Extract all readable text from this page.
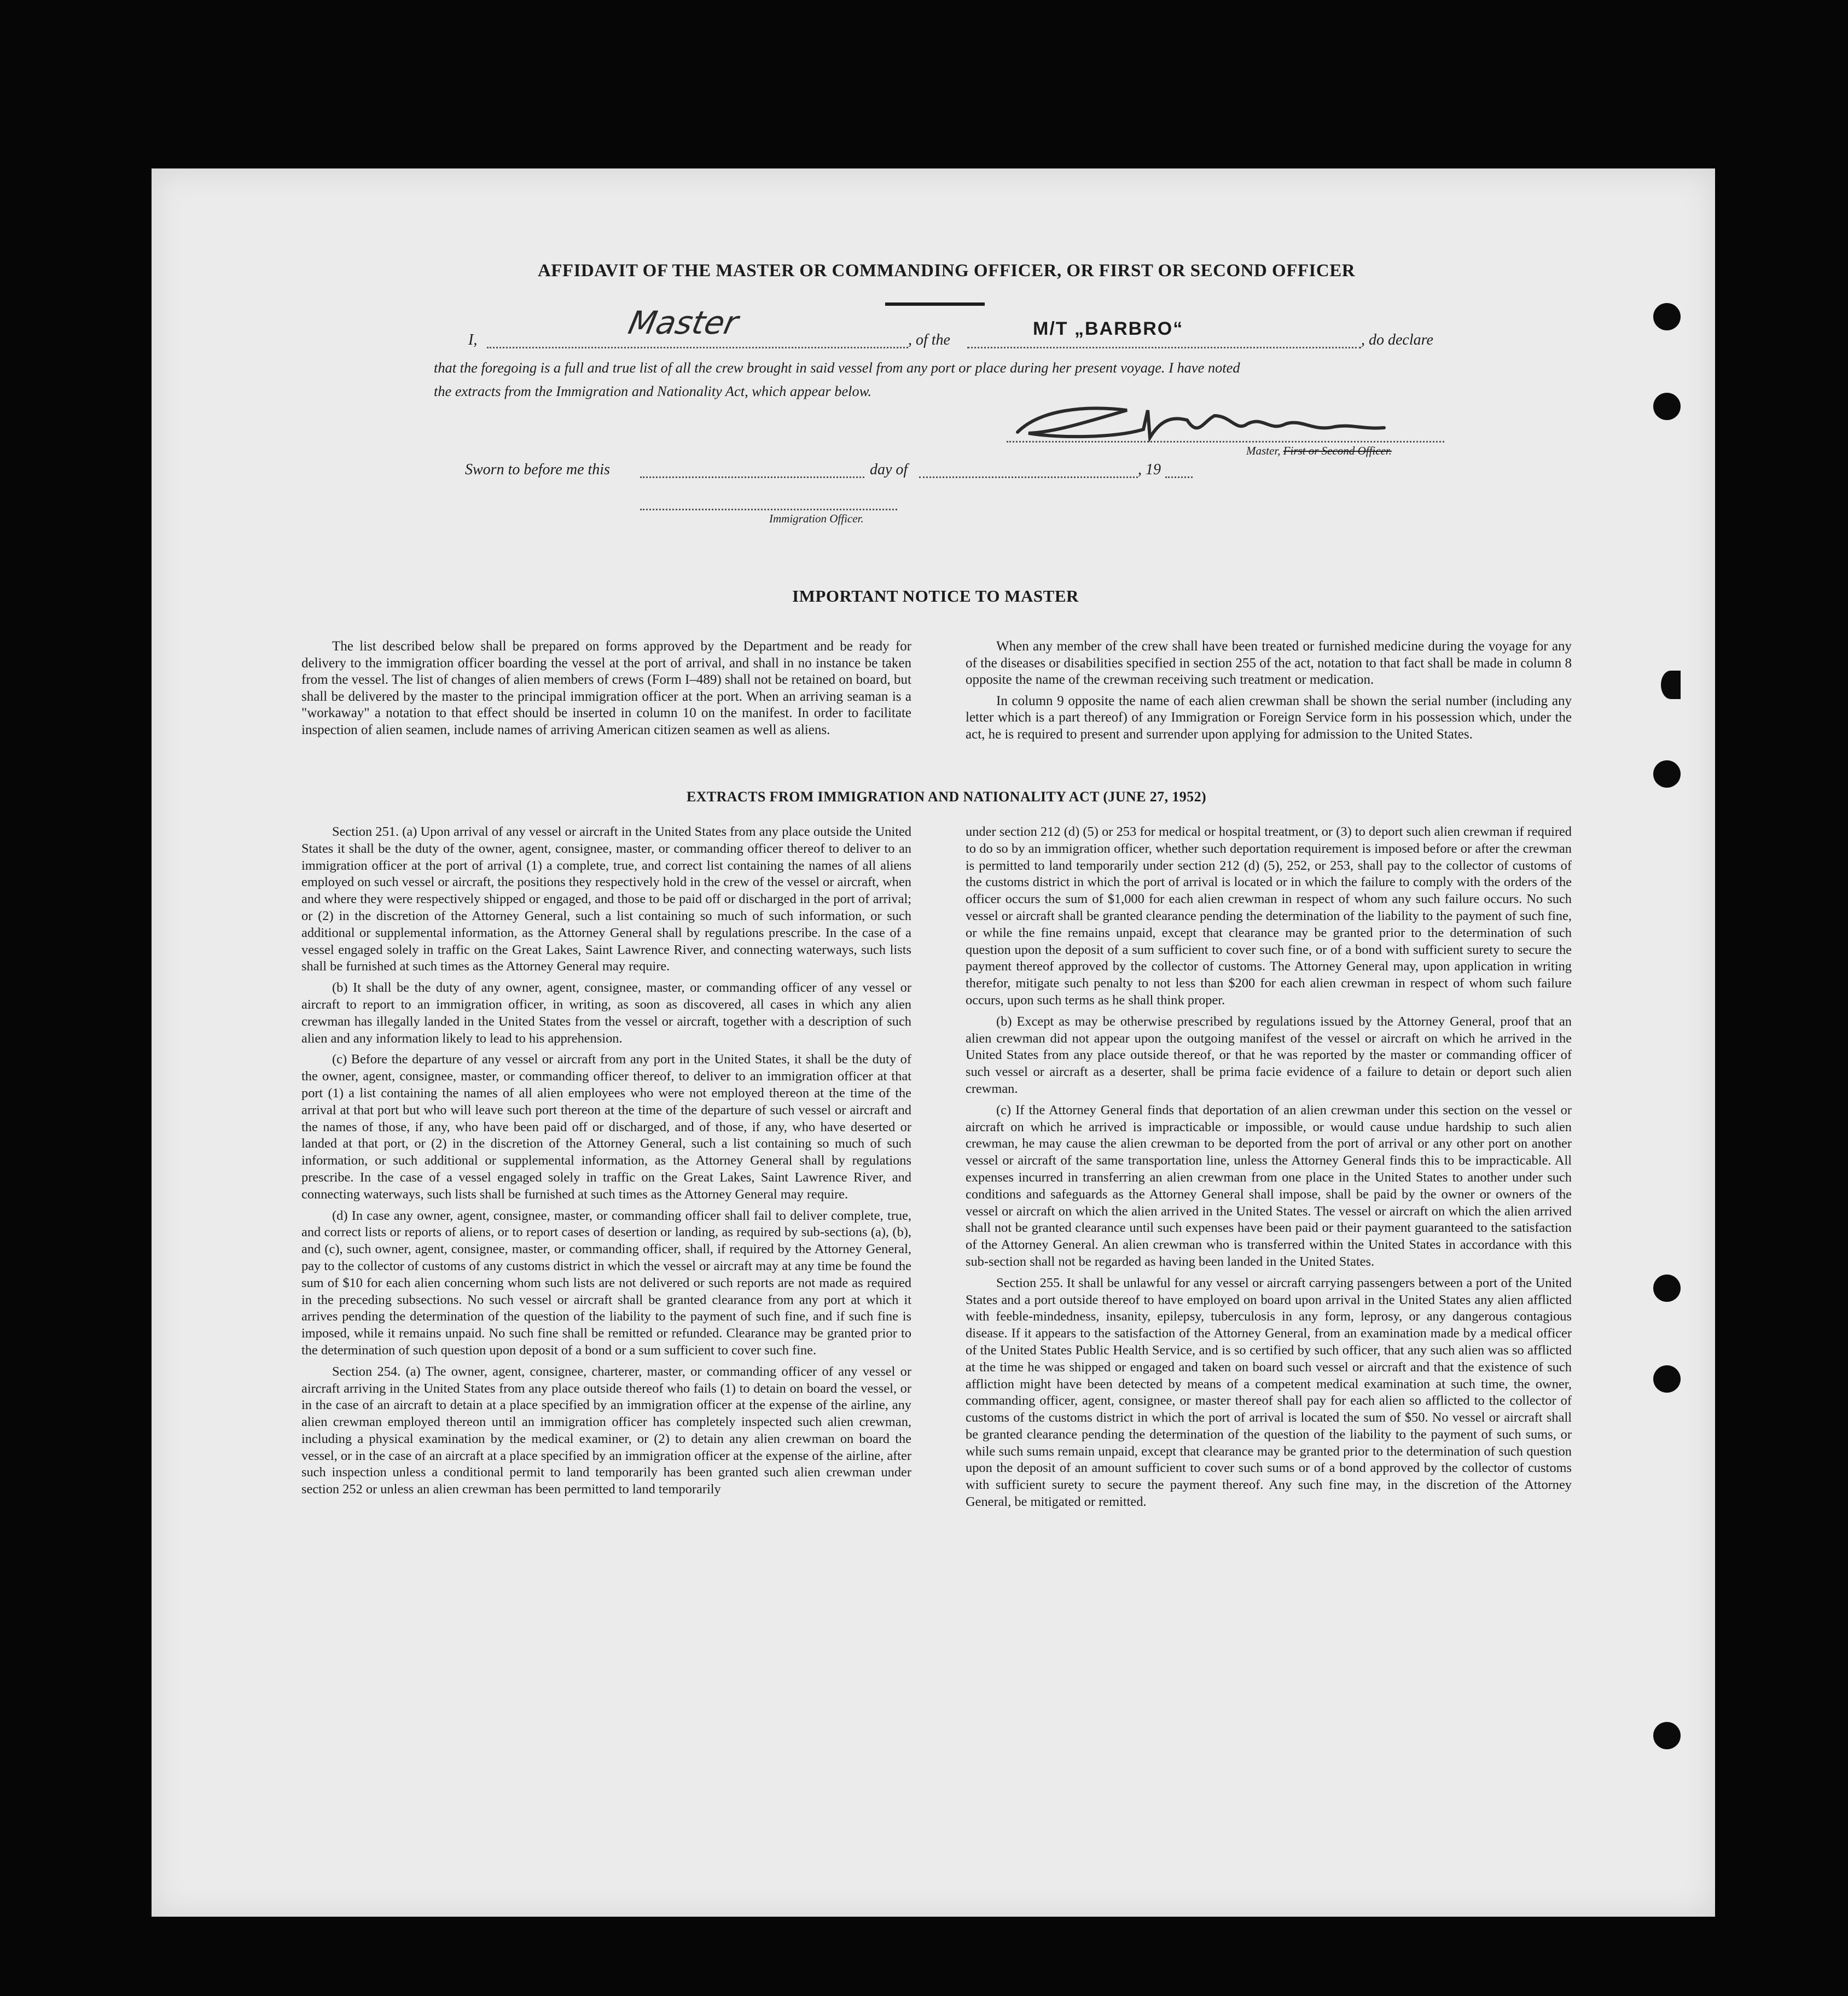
AFFIDAVIT OF THE MASTER OR COMMANDING OFFICER, OR FIRST OR SECOND OFFICER
I,	Master	, of the
M/T „BARBRO“
, do declare
that the foregoing is a full and true list of all the crew brought in said vessel from any port or place during her present voyage. I have noted
the extracts from the Immigration and Nationality Act, which appear below.
Master, First or Second Officer.
Sworn to before me this	day of	, 19
Immigration Officer.
IMPORTANT NOTICE TO MASTER

The list described below shall be prepared on forms approved by the Department and be ready for delivery to the immigration officer boarding the vessel at the port of arrival, and shall in no instance be taken from the vessel. The list of changes of alien members of crews (Form I–489) shall not be retained on board, but shall be delivered by the master to the principal immigration officer at the port. When an arriving seaman is a "workaway" a notation to that effect should be inserted in column 10 on the manifest. In order to facilitate inspection of alien seamen, include names of arriving American citizen seamen as well as aliens.

When any member of the crew shall have been treated or furnished medicine during the voyage for any of the diseases or disabilities specified in section 255 of the act, notation to that fact shall be made in column 8 opposite the name of the crewman receiving such treatment or medication.

In column 9 opposite the name of each alien crewman shall be shown the serial number (including any letter which is a part thereof) of any Immigration or Foreign Service form in his possession which, under the act, he is required to present and surrender upon applying for admission to the United States.

EXTRACTS FROM IMMIGRATION AND NATIONALITY ACT (JUNE 27, 1952)

Section 251. (a) Upon arrival of any vessel or aircraft in the United States from any place outside the United States it shall be the duty of the owner, agent, consignee, master, or commanding officer thereof to deliver to an immigration officer at the port of arrival (1) a complete, true, and correct list containing the names of all aliens employed on such vessel or aircraft, the positions they respectively hold in the crew of the vessel or aircraft, when and where they were respectively shipped or engaged, and those to be paid off or discharged in the port of arrival; or (2) in the discretion of the Attorney General, such a list containing so much of such information, or such additional or supplemental information, as the Attorney General shall by regulations prescribe. In the case of a vessel engaged solely in traffic on the Great Lakes, Saint Lawrence River, and connecting waterways, such lists shall be furnished at such times as the Attorney General may require.

(b) It shall be the duty of any owner, agent, consignee, master, or commanding officer of any vessel or aircraft to report to an immigration officer, in writing, as soon as discovered, all cases in which any alien crewman has illegally landed in the United States from the vessel or aircraft, together with a description of such alien and any information likely to lead to his apprehension.

(c) Before the departure of any vessel or aircraft from any port in the United States, it shall be the duty of the owner, agent, consignee, master, or commanding officer thereof, to deliver to an immigration officer at that port (1) a list containing the names of all alien employees who were not employed thereon at the time of the arrival at that port but who will leave such port thereon at the time of the departure of such vessel or aircraft and the names of those, if any, who have been paid off or discharged, and of those, if any, who have deserted or landed at that port, or (2) in the discretion of the Attorney General, such a list containing so much of such information, or such additional or supplemental information, as the Attorney General shall by regulations prescribe. In the case of a vessel engaged solely in traffic on the Great Lakes, Saint Lawrence River, and connecting waterways, such lists shall be furnished at such times as the Attorney General may require.

(d) In case any owner, agent, consignee, master, or commanding officer shall fail to deliver complete, true, and correct lists or reports of aliens, or to report cases of desertion or landing, as required by sub-sections (a), (b), and (c), such owner, agent, consignee, master, or commanding officer, shall, if required by the Attorney General, pay to the collector of customs of any customs district in which the vessel or aircraft may at any time be found the sum of $10 for each alien concerning whom such lists are not delivered or such reports are not made as required in the preceding subsections. No such vessel or aircraft shall be granted clearance from any port at which it arrives pending the determination of the question of the liability to the payment of such fine, and if such fine is imposed, while it remains unpaid. No such fine shall be remitted or refunded. Clearance may be granted prior to the determination of such question upon deposit of a bond or a sum sufficient to cover such fine.

Section 254. (a) The owner, agent, consignee, charterer, master, or commanding officer of any vessel or aircraft arriving in the United States from any place outside thereof who fails (1) to detain on board the vessel, or in the case of an aircraft to detain at a place specified by an immigration officer at the expense of the airline, any alien crewman employed thereon until an immigration officer has completely inspected such alien crewman, including a physical examination by the medical examiner, or (2) to detain any alien crewman on board the vessel, or in the case of an aircraft at a place specified by an immigration officer at the expense of the airline, after such inspection unless a conditional permit to land temporarily has been granted such alien crewman under section 252 or unless an alien crewman has been permitted to land temporarily

under section 212 (d) (5) or 253 for medical or hospital treatment, or (3) to deport such alien crewman if required to do so by an immigration officer, whether such deportation requirement is imposed before or after the crewman is permitted to land temporarily under section 212 (d) (5), 252, or 253, shall pay to the collector of customs of the customs district in which the port of arrival is located or in which the failure to comply with the orders of the officer occurs the sum of $1,000 for each alien crewman in respect of whom any such failure occurs. No such vessel or aircraft shall be granted clearance pending the determination of the liability to the payment of such fine, or while the fine remains unpaid, except that clearance may be granted prior to the determination of such question upon the deposit of a sum sufficient to cover such fine, or of a bond with sufficient surety to secure the payment thereof approved by the collector of customs. The Attorney General may, upon application in writing therefor, mitigate such penalty to not less than $200 for each alien crewman in respect of whom such failure occurs, upon such terms as he shall think proper.

(b) Except as may be otherwise prescribed by regulations issued by the Attorney General, proof that an alien crewman did not appear upon the outgoing manifest of the vessel or aircraft on which he arrived in the United States from any place outside thereof, or that he was reported by the master or commanding officer of such vessel or aircraft as a deserter, shall be prima facie evidence of a failure to detain or deport such alien crewman.

(c) If the Attorney General finds that deportation of an alien crewman under this section on the vessel or aircraft on which he arrived is impracticable or impossible, or would cause undue hardship to such alien crewman, he may cause the alien crewman to be deported from the port of arrival or any other port on another vessel or aircraft of the same transportation line, unless the Attorney General finds this to be impracticable. All expenses incurred in transferring an alien crewman from one place in the United States to another under such conditions and safeguards as the Attorney General shall impose, shall be paid by the owner or owners of the vessel or aircraft on which the alien arrived in the United States. The vessel or aircraft on which the alien arrived shall not be granted clearance until such expenses have been paid or their payment guaranteed to the satisfaction of the Attorney General. An alien crewman who is transferred within the United States in accordance with this sub-section shall not be regarded as having been landed in the United States.

Section 255. It shall be unlawful for any vessel or aircraft carrying passengers between a port of the United States and a port outside thereof to have employed on board upon arrival in the United States any alien afflicted with feeble-mindedness, insanity, epilepsy, tuberculosis in any form, leprosy, or any dangerous contagious disease. If it appears to the satisfaction of the Attorney General, from an examination made by a medical officer of the United States Public Health Service, and is so certified by such officer, that any such alien was so afflicted at the time he was shipped or engaged and taken on board such vessel or aircraft and that the existence of such affliction might have been detected by means of a competent medical examination at such time, the owner, commanding officer, agent, consignee, or master thereof shall pay for each alien so afflicted to the collector of customs of the customs district in which the port of arrival is located the sum of $50. No vessel or aircraft shall be granted clearance pending the determination of the question of the liability to the payment of such sums, or while such sums remain unpaid, except that clearance may be granted prior to the determination of such question upon the deposit of an amount sufficient to cover such sums or of a bond approved by the collector of customs with sufficient surety to secure the payment thereof. Any such fine may, in the discretion of the Attorney General, be mitigated or remitted.
